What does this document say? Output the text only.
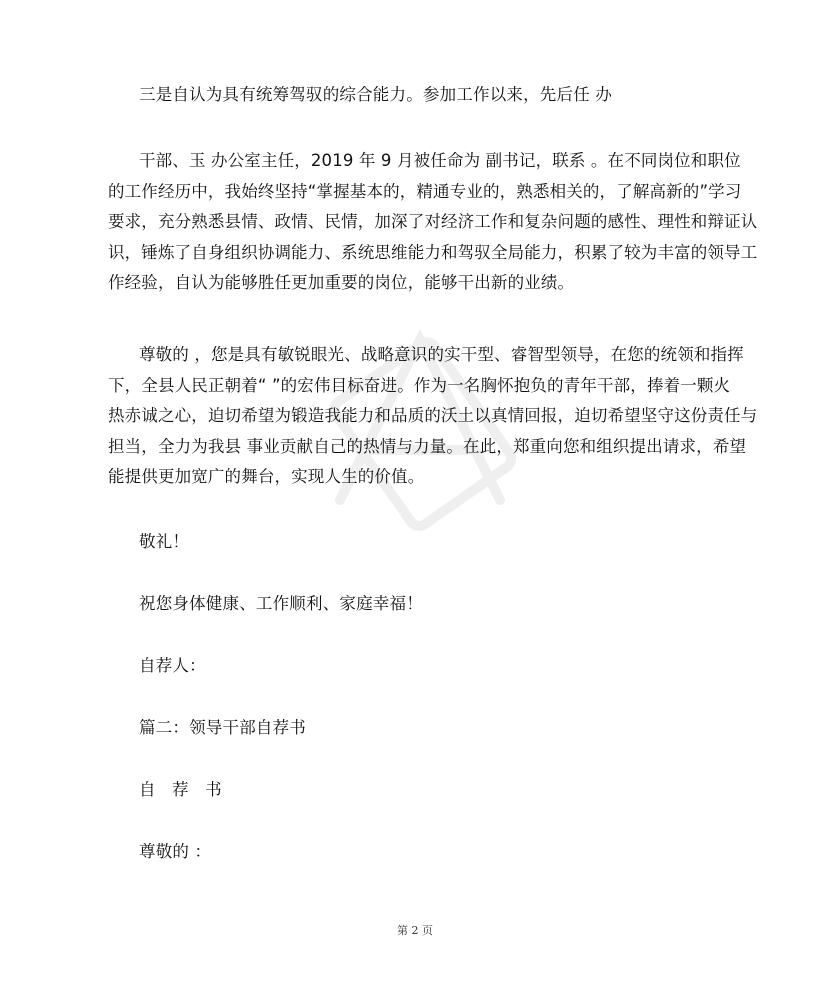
三是自认为具有统筹驾驭的综合能力。参加工作以来，先后任 办
干部、玉 办公室主任，2019 年 9 月被任命为 副书记，联系 。在不同岗位和职位
的工作经历中，我始终坚持“掌握基本的，精通专业的，熟悉相关的，了解高新的”学习
要求，充分熟悉县情、政情、民情，加深了对经济工作和复杂问题的感性、理性和辩证认
识，锤炼了自身组织协调能力、系统思维能力和驾驭全局能力，积累了较为丰富的领导工
作经验，自认为能够胜任更加重要的岗位，能够干出新的业绩。
尊敬的 ，您是具有敏锐眼光、战略意识的实干型、睿智型领导，在您的统领和指挥
下，全县人民正朝着“ ”的宏伟目标奋进。作为一名胸怀抱负的青年干部，捧着一颗火
热赤诚之心，迫切希望为锻造我能力和品质的沃土以真情回报，迫切希望坚守这份责任与
担当，全力为我县 事业贡献自己的热情与力量。在此，郑重向您和组织提出请求，希望
能提供更加宽广的舞台，实现人生的价值。
敬礼！
祝您身体健康、工作顺利、家庭幸福！
自荐人：
篇二：领导干部自荐书
自   荐   书
尊敬的 ：
第 2 页
